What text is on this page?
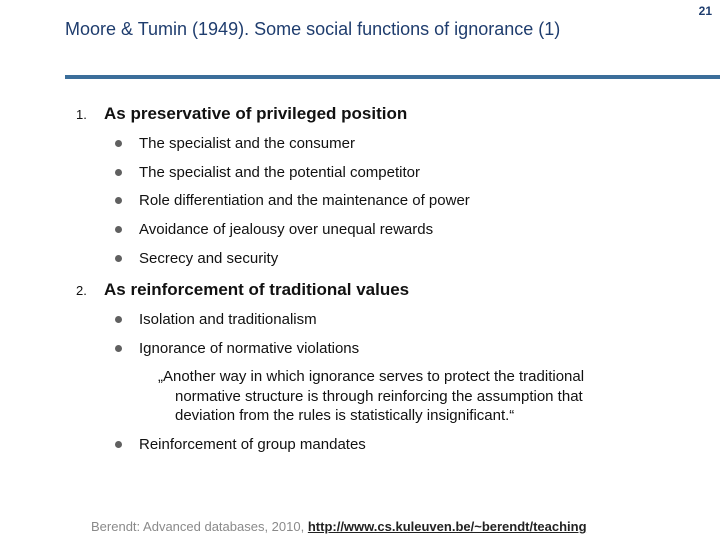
Moore & Tumin (1949). Some social functions of ignorance (1)
21
1.	As preservative of privileged position
The specialist and the consumer
The specialist and the potential competitor
Role differentiation and the maintenance of power
Avoidance of jealousy over unequal rewards
Secrecy and security
2.	As reinforcement of traditional values
Isolation and traditionalism
Ignorance of normative violations
„Another way in which ignorance serves to protect the traditional
normative structure is through reinforcing the assumption that
deviation from the rules is statistically insignificant.“
Reinforcement of group mandates
Berendt: Advanced databases, 2010, http://www.cs.kuleuven.be/~berendt/teaching
